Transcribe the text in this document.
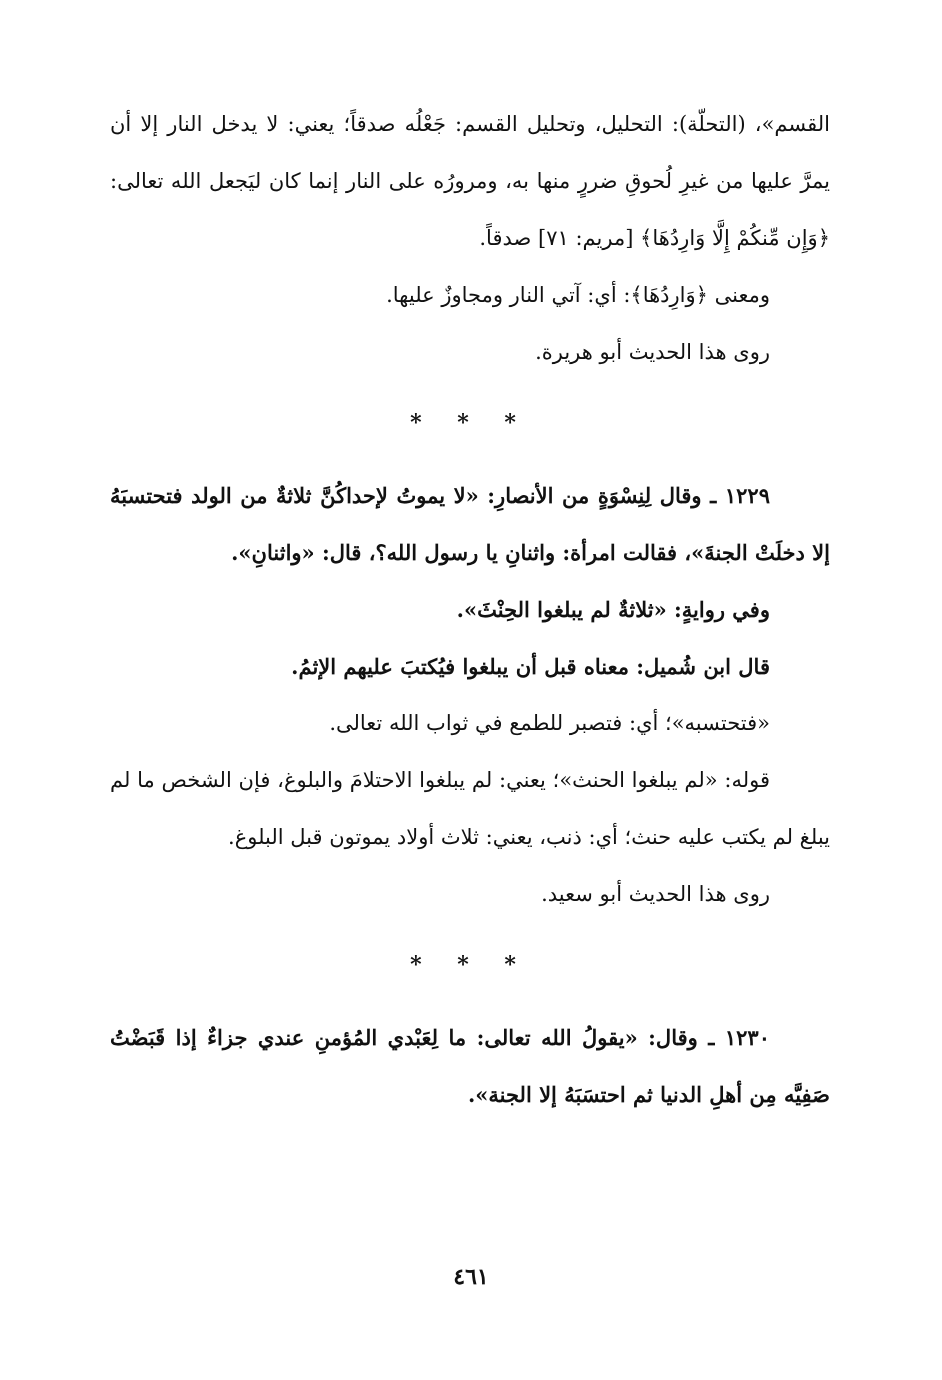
القسم»، (التحلّة): التحليل، وتحليل القسم: جَعْلُه صدقاً؛ يعني: لا يدخل النار إلا أن يمرَّ عليها من غيرِ لُحوقِ ضررٍ منها به، ومرورُه على النار إنما كان ليَجعل الله تعالى: ﴿وَإِن مِّنكُمْ إِلَّا وَارِدُهَا﴾ [مريم: ٧١] صدقاً.

ومعنى ﴿وَارِدُهَا﴾: أي: آتي النار ومجاوزٌ عليها.

روى هذا الحديث أبو هريرة.

* * *

١٢٢٩ ـ وقال لِنِسْوَةٍ من الأنصارِ: «لا يموتُ لإحداكُنَّ ثلاثةٌ من الولد فتحتسبَهُ إلا دخلَتْ الجنةَ»، فقالت امرأة: واثنانِ يا رسول الله؟، قال: «واثنانِ».

وفي روايةٍ: «ثلاثةٌ لم يبلغوا الحِنْثَ».

قال ابن شُميل: معناه قبل أن يبلغوا فيُكتبَ عليهم الإثمُ.

«فتحتسبه»؛ أي: فتصبر للطمع في ثواب الله تعالى.

قوله: «لم يبلغوا الحنث»؛ يعني: لم يبلغوا الاحتلامَ والبلوغ، فإن الشخص ما لم يبلغ لم يكتب عليه حنث؛ أي: ذنب، يعني: ثلاث أولاد يموتون قبل البلوغ.

روى هذا الحديث أبو سعيد.

* * *

١٢٣٠ ـ وقال: «يقولُ الله تعالى: ما لِعَبْدي المُؤمنِ عندي جزاءٌ إذا قَبَضْتُ صَفِيَّه مِن أهلِ الدنيا ثم احتسَبَهُ إلا الجنة».

٤٦١
